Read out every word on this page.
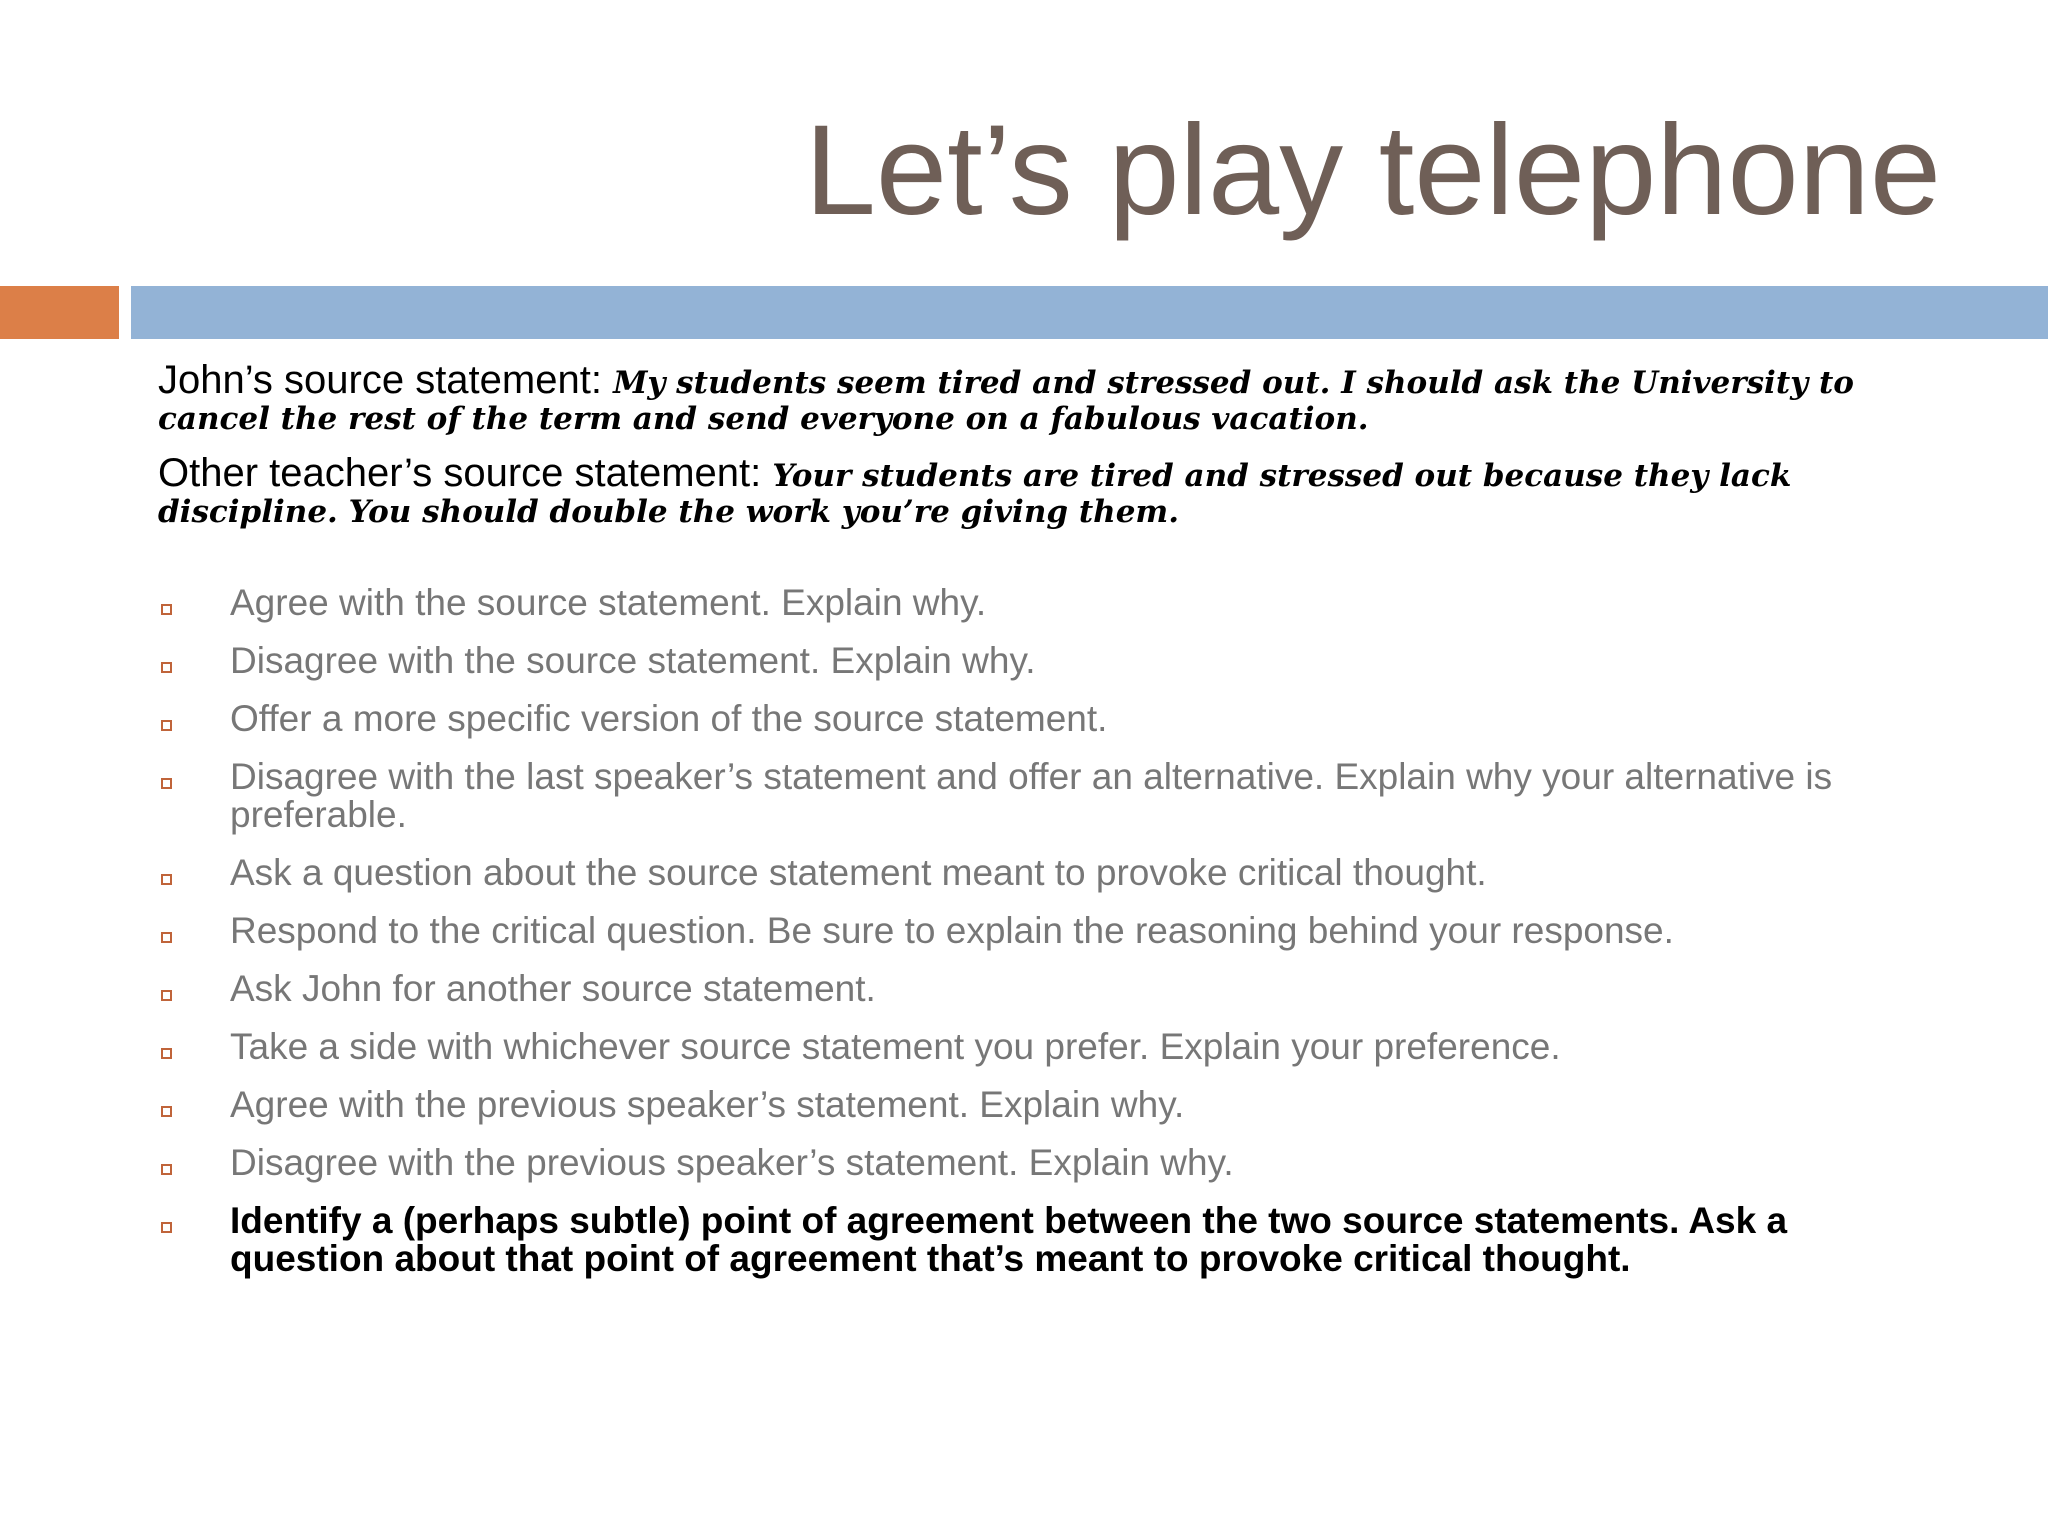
Let’s play telephone

John’s source statement: My students seem tired and stressed out. I should ask the University to cancel the rest of the term and send everyone on a fabulous vacation.

Other teacher’s source statement: Your students are tired and stressed out because they lack discipline. You should double the work you’re giving them.

Agree with the source statement. Explain why.
Disagree with the source statement. Explain why.
Offer a more specific version of the source statement.
Disagree with the last speaker’s statement and offer an alternative. Explain why your alternative is preferable.
Ask a question about the source statement meant to provoke critical thought.
Respond to the critical question. Be sure to explain the reasoning behind your response.
Ask John for another source statement.
Take a side with whichever source statement you prefer. Explain your preference.
Agree with the previous speaker’s statement. Explain why.
Disagree with the previous speaker’s statement. Explain why.
Identify a (perhaps subtle) point of agreement between the two source statements. Ask a question about that point of agreement that’s meant to provoke critical thought.
